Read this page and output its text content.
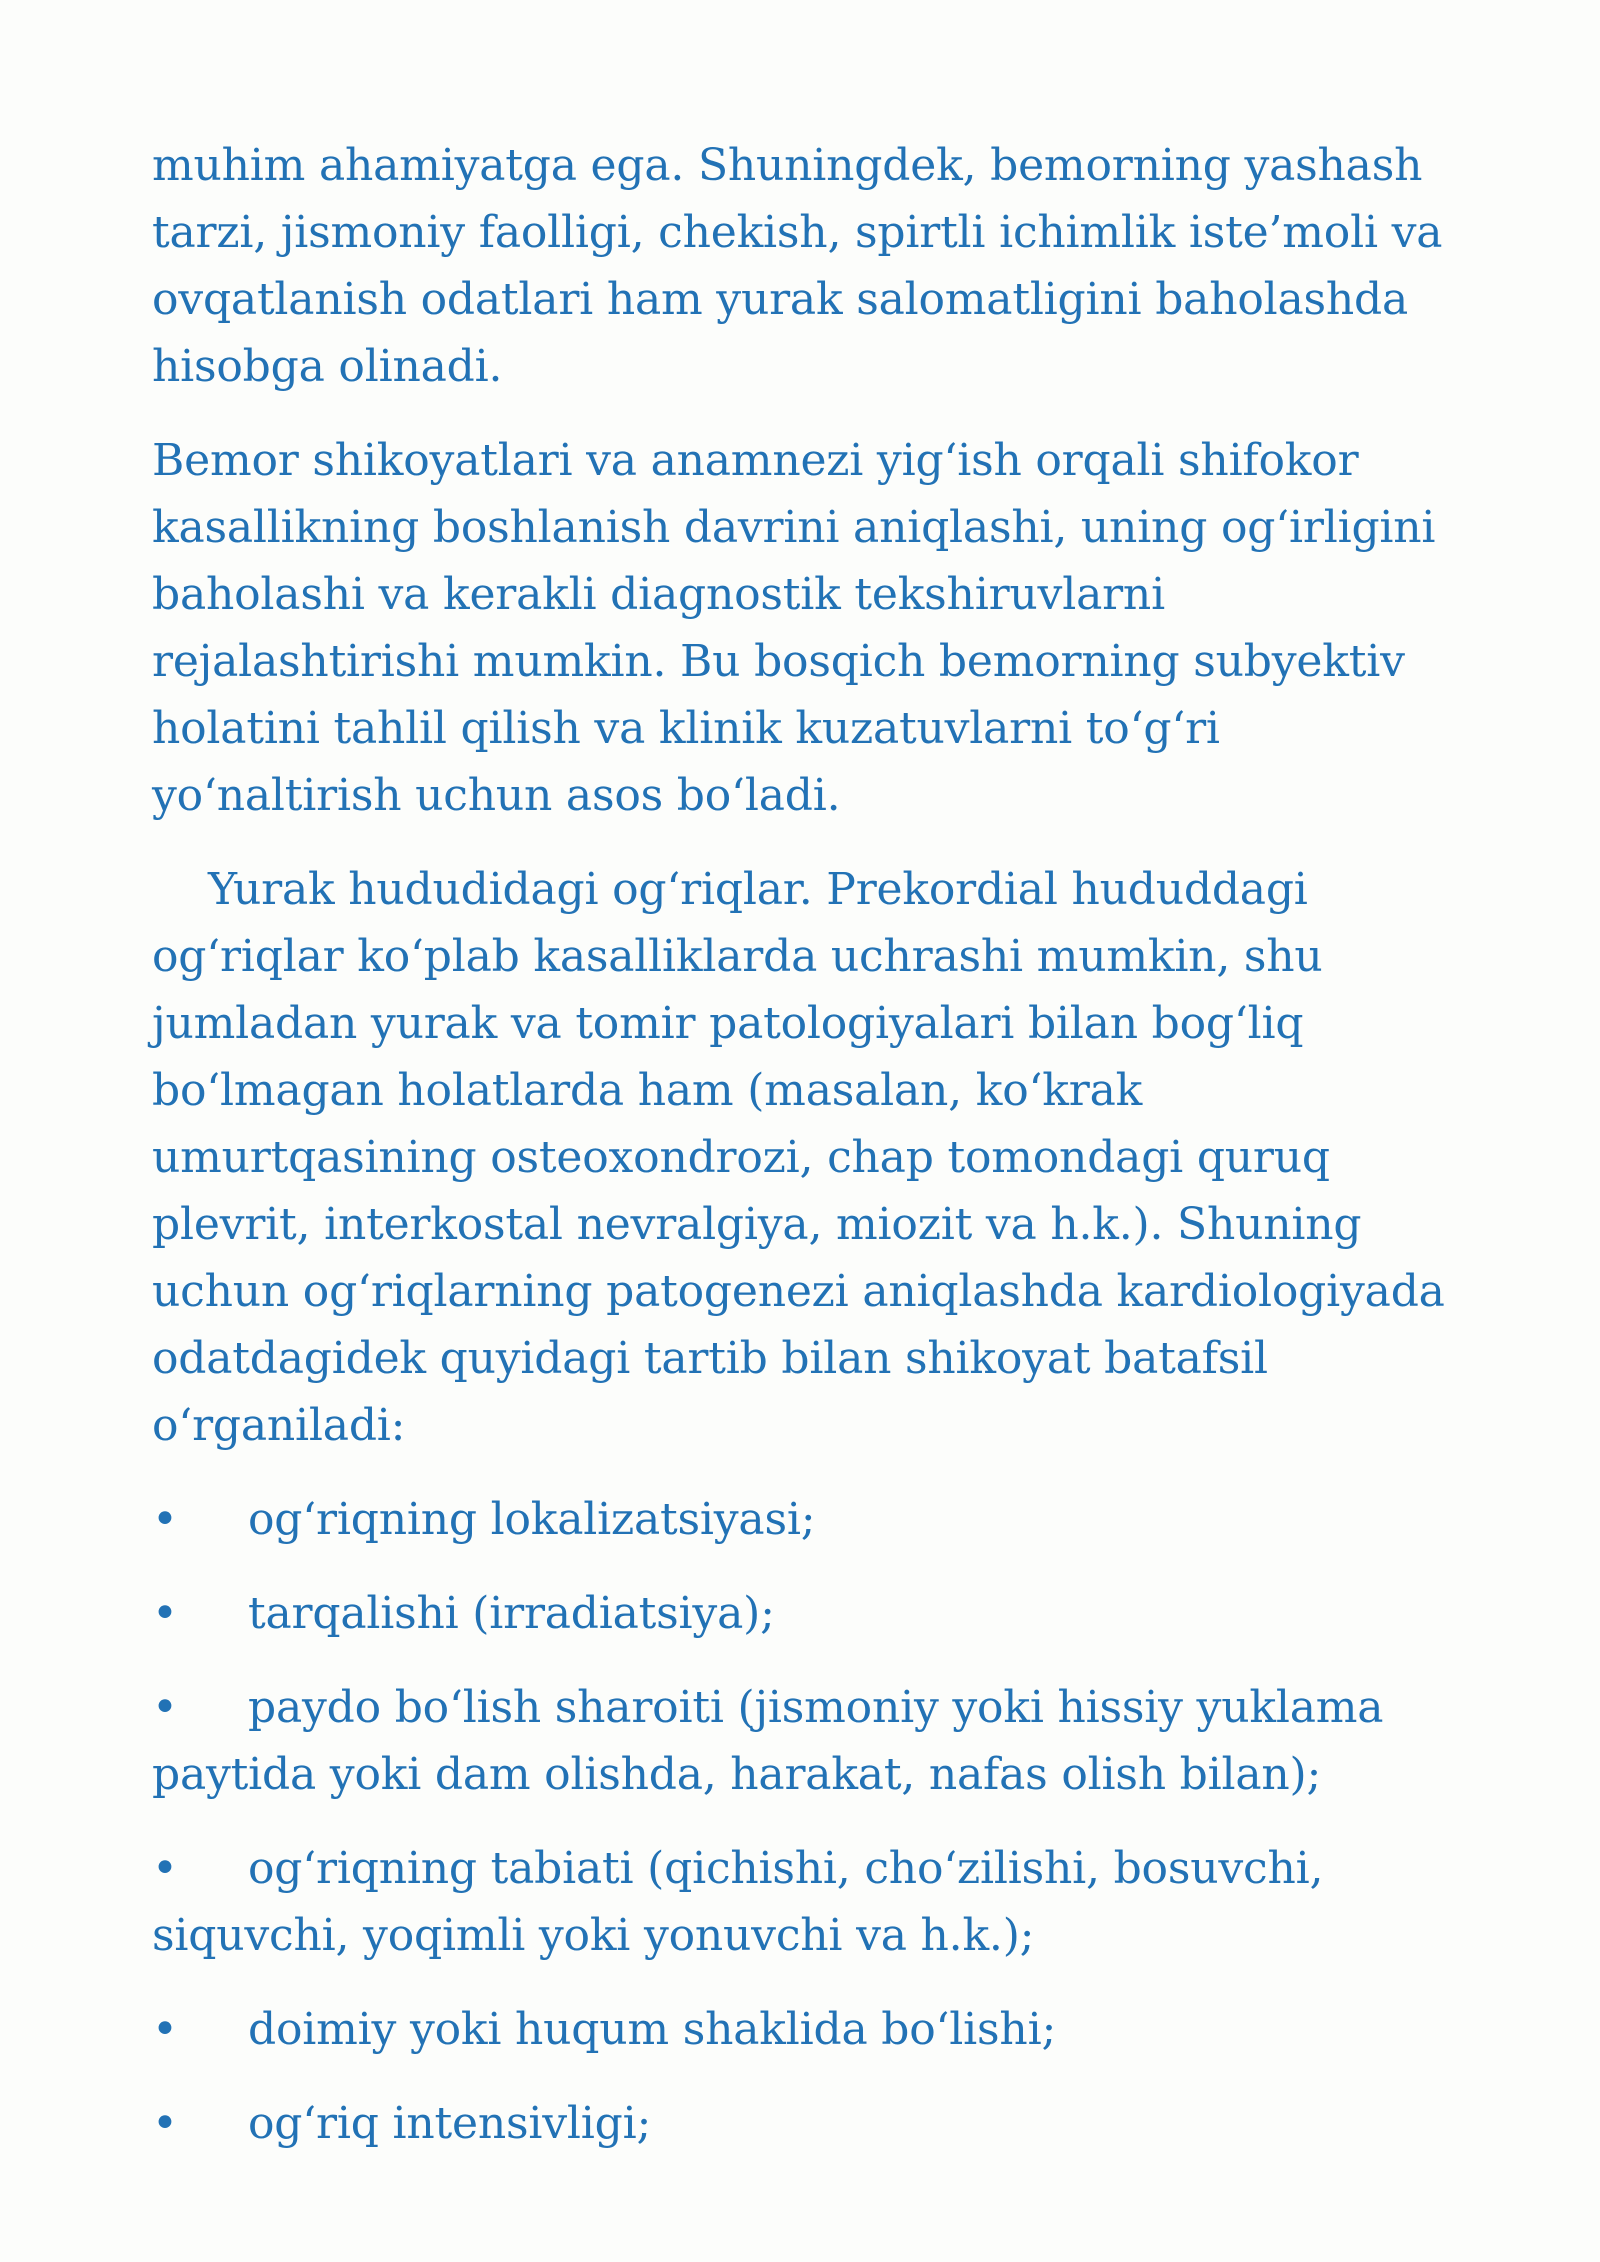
muhim ahamiyatga ega. Shuningdek, bemorning yashash tarzi, jismoniy faolligi, chekish, spirtli ichimlik iste’moli va ovqatlanish odatlari ham yurak salomatligini baholashda hisobga olinadi.

Bemor shikoyatlari va anamnezi yig‘ish orqali shifokor kasallikning boshlanish davrini aniqlashi, uning og‘irligini baholashi va kerakli diagnostik tekshiruvlarni rejalashtirishi mumkin. Bu bosqich bemorning subyektiv holatini tahlil qilish va klinik kuzatuvlarni to‘g‘ri yo‘naltirish uchun asos bo‘ladi.

Yurak hududidagi og‘riqlar. Prekordial hududdagi og‘riqlar ko‘plab kasalliklarda uchrashi mumkin, shu jumladan yurak va tomir patologiyalari bilan bog‘liq bo‘lmagan holatlarda ham (masalan, ko‘krak umurtqasining osteoxondrozi, chap tomondagi quruq plevrit, interkostal nevralgiya, miozit va h.k.). Shuning uchun og‘riqlarning patogenezi aniqlashda kardiologiyada odatdagidek quyidagi tartib bilan shikoyat batafsil o‘rganiladi:

• og‘riqning lokalizatsiyasi;
• tarqalishi (irradiatsiya);
• paydo bo‘lish sharoiti (jismoniy yoki hissiy yuklama paytida yoki dam olishda, harakat, nafas olish bilan);
• og‘riqning tabiati (qichishi, cho‘zilishi, bosuvchi, siquvchi, yoqimli yoki yonuvchi va h.k.);
• doimiy yoki huqum shaklida bo‘lishi;
• og‘riq intensivligi;
